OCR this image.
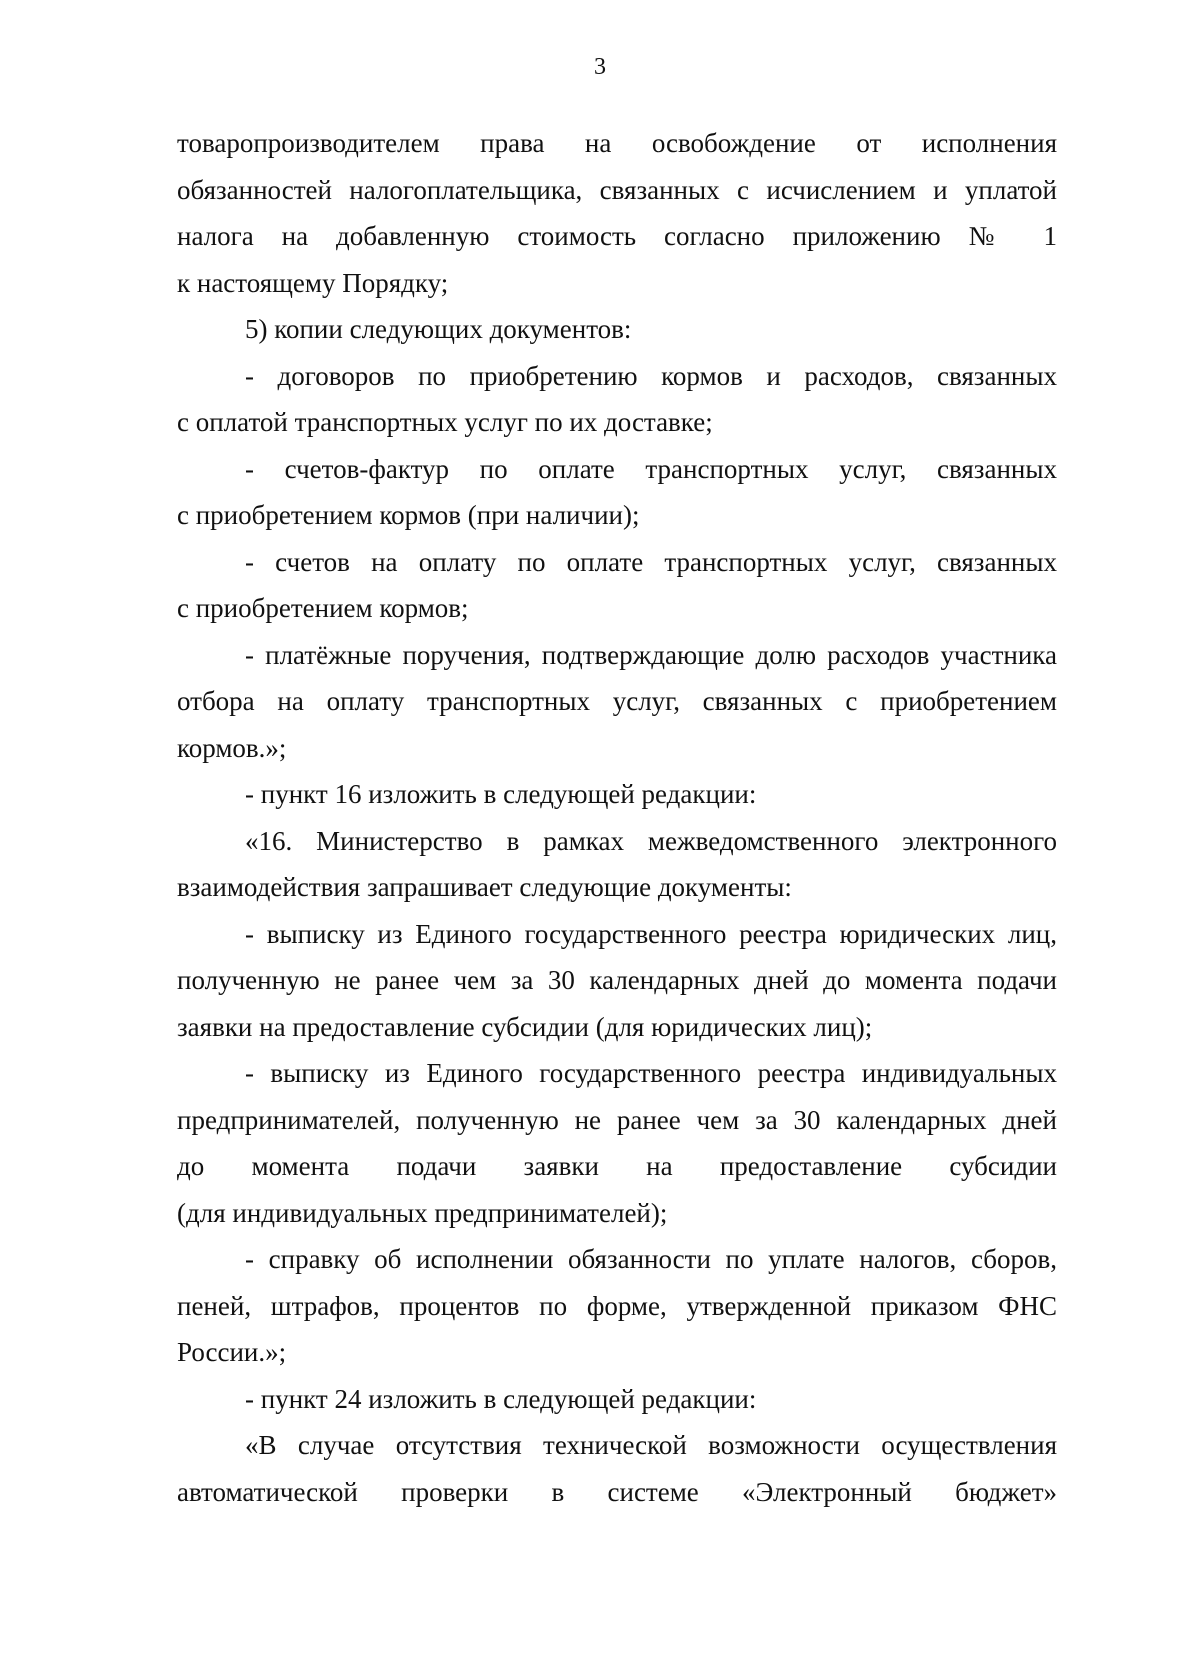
3
товаропроизводителем права на освобождение от исполнения
обязанностей налогоплательщика, связанных с исчислением и уплатой
налога на добавленную стоимость согласно приложению № 1
к настоящему Порядку;
5) копии следующих документов:
- договоров по приобретению кормов и расходов, связанных
с оплатой транспортных услуг по их доставке;
- счетов-фактур по оплате транспортных услуг, связанных
с приобретением кормов (при наличии);
- счетов на оплату по оплате транспортных услуг, связанных
с приобретением кормов;
- платёжные поручения, подтверждающие долю расходов участника
отбора на оплату транспортных услуг, связанных с приобретением
кормов.»;
- пункт 16 изложить в следующей редакции:
«16. Министерство в рамках межведомственного электронного
взаимодействия запрашивает следующие документы:
- выписку из Единого государственного реестра юридических лиц,
полученную не ранее чем за 30 календарных дней до момента подачи
заявки на предоставление субсидии (для юридических лиц);
- выписку из Единого государственного реестра индивидуальных
предпринимателей, полученную не ранее чем за 30 календарных дней
до момента подачи заявки на предоставление субсидии
(для индивидуальных предпринимателей);
- справку об исполнении обязанности по уплате налогов, сборов,
пеней, штрафов, процентов по форме, утвержденной приказом ФНС
России.»;
- пункт 24 изложить в следующей редакции:
«В случае отсутствия технической возможности осуществления
автоматической проверки в системе «Электронный бюджет»
